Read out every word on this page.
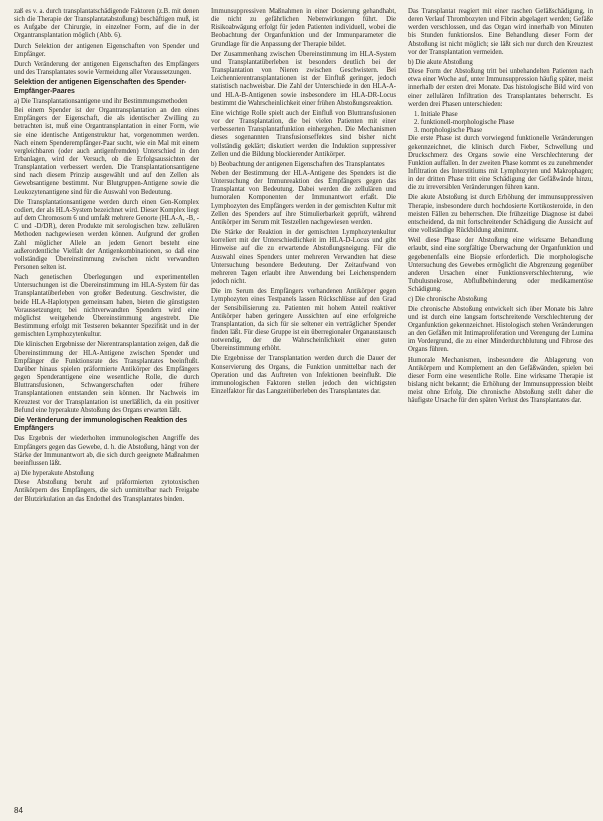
zaß es v. a. durch transplantatschädigende Faktoren (z.B. mit denen sich die Therapie der Transplantatabstoßung) beschäftigen muß, ist es Aufgabe der Chirurgie, in einzelner Form, auf die in der Organtransplantation möglich (Abb. 6).

Durch Selektion der antigenen Eigenschaften von Spender und Empfänger.

Durch Veränderung der antigenen Eigenschaften des Empfängers und des Transplantates sowie Vermeidung aller Voraussetzungen.

Selektion der antigenen Eigenschaften des Spender-Empfänger-Paares
a) Die Transplantationsantigene und ihr Bestimmungsmethoden

Bei einem Spender ist der Organtransplantation an den eines Empfängers der Eigenschaft, die als identischer Zwilling zu betrachten ist, muß eine Organtransplantation in einer Form, wie sie eine identische Antigenstruktur hat, vorgenommen werden. Nach einem Spenderempfänger-Paar sucht, wie ein Mal mit einem vergleichbaren (oder auch antigenfremden) Unterschied in den Erbanlagen, wird der Versuch, ob die Erfolgsaussichten der Transplantation verbessert werden. Die Transplantationsantigene sind nach diesem Prinzip ausgewählt und auf den Zellen als Gewebsantigene bestimmt. Nur Blutgruppen-Antigene sowie die Leukozytenantigene sind für die Auswahl von Bedeutung.

Die Transplantationsantigene werden durch einen Gen-Komplex codiert, der als HLA-System bezeichnet wird. Dieser Komplex liegt auf dem Chromosom 6 und umfaßt mehrere Genorte (HLA-A, -B, -C und -D/DR), deren Produkte mit serologischen bzw. zellulären Methoden nachgewiesen werden können. Aufgrund der großen Zahl möglicher Allele an jedem Genort besteht eine außerordentliche Vielfalt der Antigenkombinationen, so daß eine vollständige Übereinstimmung zwischen nicht verwandten Personen selten ist.

Nach genetischen Überlegungen und experimentellen Untersuchungen ist die Übereinstimmung im HLA-System für das Transplantatüberleben von großer Bedeutung. Geschwister, die beide HLA-Haplotypen gemeinsam haben, bieten die günstigsten Voraussetzungen; bei nichtverwandten Spendern wird eine möglichst weitgehende Übereinstimmung angestrebt. Die Bestimmung erfolgt mit Testseren bekannter Spezifität und in der gemischten Lymphozytenkultur.

Die klinischen Ergebnisse der Nierentransplantation zeigen, daß die Übereinstimmung der HLA-Antigene zwischen Spender und Empfänger die Funktionsrate des Transplantates beeinflußt. Darüber hinaus spielen präformierte Antikörper des Empfängers gegen Spenderantigene eine wesentliche Rolle, die durch Bluttransfusionen, Schwangerschaften oder frühere Transplantationen entstanden sein können. Ihr Nachweis im Kreuztest vor der Transplantation ist unerläßlich, da ein positiver Befund eine hyperakute Abstoßung des Organs erwarten läßt.

Die Veränderung der immunologischen Reaktion des Empfängers

Das Ergebnis der wiederholten immunologischen Angriffe des Empfängers gegen das Gewebe, d. h. die Abstoßung, hängt von der Stärke der Immunantwort ab, die sich durch geeignete Maßnahmen beeinflussen läßt.

a) Die hyperakute Abstoßung

Diese Abstoßung beruht auf präformierten zytotoxischen Antikörpern des Empfängers, die sich unmittelbar nach Freigabe der Blutzirkulation an das Endothel des Transplantates binden.

Immunsuppressiven Maßnahmen in einer Dosierung gehandhabt, die nicht zu gefährlichen Nebenwirkungen führt. Die Risikoabwägung erfolgt für jeden Patienten individuell, wobei die Beobachtung der Organfunktion und der Immunparameter die Grundlage für die Anpassung der Therapie bildet.

Der Zusammenhang zwischen Übereinstimmung im HLA-System und Transplantatüberleben ist besonders deutlich bei der Transplantation von Nieren zwischen Geschwistern. Bei Leichennierentransplantationen ist der Einfluß geringer, jedoch statistisch nachweisbar. Die Zahl der Unterschiede in den HLA-A- und HLA-B-Antigenen sowie insbesondere im HLA-DR-Locus bestimmt die Wahrscheinlichkeit einer frühen Abstoßungsreaktion.

Eine wichtige Rolle spielt auch der Einfluß von Bluttransfusionen vor der Transplantation, die bei vielen Patienten mit einer verbesserten Transplantatfunktion einhergehen. Die Mechanismen dieses sogenannten Transfusionseffektes sind bisher nicht vollständig geklärt; diskutiert werden die Induktion suppressiver Zellen und die Bildung blockierender Antikörper.

b) Beobachtung der antigenen Eigenschaften des Transplantates

Neben der Bestimmung der HLA-Antigene des Spenders ist die Untersuchung der Immunreaktion des Empfängers gegen das Transplantat von Bedeutung. Dabei werden die zellulären und humoralen Komponenten der Immunantwort erfaßt. Die Lymphozyten des Empfängers werden in der gemischten Kultur mit Zellen des Spenders auf ihre Stimulierbarkeit geprüft, während Antikörper im Serum mit Testzellen nachgewiesen werden.

Die Stärke der Reaktion in der gemischten Lymphozytenkultur korreliert mit der Unterschiedlichkeit im HLA-D-Locus und gibt Hinweise auf die zu erwartende Abstoßungsneigung. Für die Auswahl eines Spenders unter mehreren Verwandten hat diese Untersuchung besondere Bedeutung. Der Zeitaufwand von mehreren Tagen erlaubt ihre Anwendung bei Leichenspendern jedoch nicht.

Die im Serum des Empfängers vorhandenen Antikörper gegen Lymphozyten eines Testpanels lassen Rückschlüsse auf den Grad der Sensibilisierung zu. Patienten mit hohem Anteil reaktiver Antikörper haben geringere Aussichten auf eine erfolgreiche Transplantation, da sich für sie seltener ein verträglicher Spender finden läßt. Für diese Gruppe ist ein überregionaler Organaustausch notwendig, der die Wahrscheinlichkeit einer guten Übereinstimmung erhöht.

Die Ergebnisse der Transplantation werden durch die Dauer der Konservierung des Organs, die Funktion unmittelbar nach der Operation und das Auftreten von Infektionen beeinflußt. Die immunologischen Faktoren stellen jedoch den wichtigsten Einzelfaktor für das Langzeitüberleben des Transplantates dar.

Das Transplantat reagiert mit einer raschen Gefäßschädigung, in deren Verlauf Thrombozyten und Fibrin abgelagert werden; Gefäße werden verschlossen, und das Organ wird innerhalb von Minuten bis Stunden funktionslos. Eine Behandlung dieser Form der Abstoßung ist nicht möglich; sie läßt sich nur durch den Kreuztest vor der Transplantation vermeiden.

b) Die akute Abstoßung

Diese Form der Abstoßung tritt bei unbehandelten Patienten nach etwa einer Woche auf, unter Immunsuppression häufig später, meist innerhalb der ersten drei Monate. Das histologische Bild wird von einer zellulären Infiltration des Transplantates beherrscht. Es werden drei Phasen unterschieden:

1. Initiale Phase
2. funktionell-morphologische Phase
3. morphologische Phase

Die erste Phase ist durch vorwiegend funktionelle Veränderungen gekennzeichnet, die klinisch durch Fieber, Schwellung und Druckschmerz des Organs sowie eine Verschlechterung der Funktion auffallen. In der zweiten Phase kommt es zu zunehmender Infiltration des Interstitiums mit Lymphozyten und Makrophagen; in der dritten Phase tritt eine Schädigung der Gefäßwände hinzu, die zu irreversiblen Veränderungen führen kann.

Die akute Abstoßung ist durch Erhöhung der immunsuppressiven Therapie, insbesondere durch hochdosierte Kortikosteroide, in den meisten Fällen zu beherrschen. Die frühzeitige Diagnose ist dabei entscheidend, da mit fortschreitender Schädigung die Aussicht auf eine vollständige Rückbildung abnimmt.

Weil diese Phase der Abstoßung eine wirksame Behandlung erlaubt, sind eine sorgfältige Überwachung der Organfunktion und gegebenenfalls eine Biopsie erforderlich. Die morphologische Untersuchung des Gewebes ermöglicht die Abgrenzung gegenüber anderen Ursachen einer Funktionsverschlechterung, wie Tubulusnekrose, Abflußbehinderung oder medikamentöse Schädigung.

c) Die chronische Abstoßung

Die chronische Abstoßung entwickelt sich über Monate bis Jahre und ist durch eine langsam fortschreitende Verschlechterung der Organfunktion gekennzeichnet. Histologisch stehen Veränderungen an den Gefäßen mit Intimaproliferation und Verengung der Lumina im Vordergrund, die zu einer Minderdurchblutung und Fibrose des Organs führen.

Humorale Mechanismen, insbesondere die Ablagerung von Antikörpern und Komplement an den Gefäßwänden, spielen bei dieser Form eine wesentliche Rolle. Eine wirksame Therapie ist bislang nicht bekannt; die Erhöhung der Immunsuppression bleibt meist ohne Erfolg. Die chronische Abstoßung stellt daher die häufigste Ursache für den späten Verlust des Transplantates dar.

84
